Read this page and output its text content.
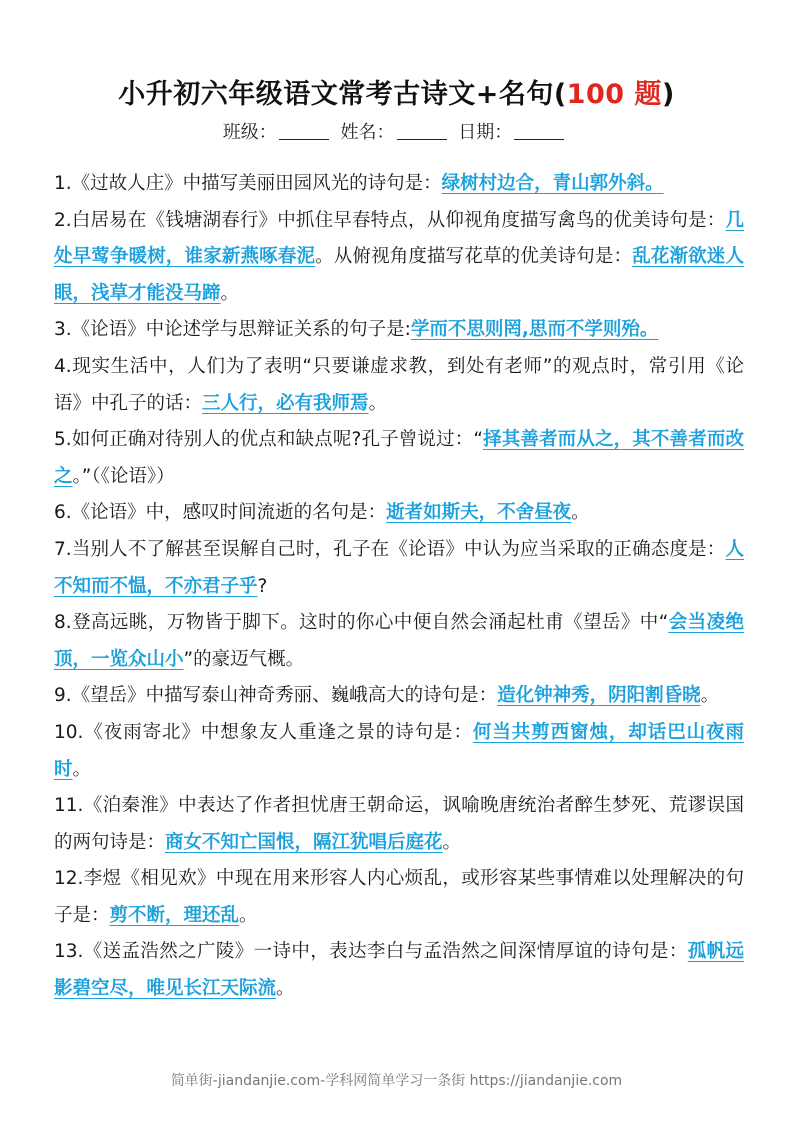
小升初六年级语文常考古诗文+名句(100 题)
班级：	姓名：	日期：

1.《过故人庄》中描写美丽田园风光的诗句是：绿树村边合，青山郭外斜。

2.白居易在《钱塘湖春行》中抓住早春特点，从仰视角度描写禽鸟的优美诗句是：几处早莺争暖树，谁家新燕啄春泥。从俯视角度描写花草的优美诗句是：乱花渐欲迷人眼，浅草才能没马蹄。

3.《论语》中论述学与思辩证关系的句子是:学而不思则罔,思而不学则殆。

4.现实生活中，人们为了表明“只要谦虚求教，到处有老师”的观点时，常引用《论语》中孔子的话：三人行，必有我师焉。

5.如何正确对待别人的优点和缺点呢?孔子曾说过：“择其善者而从之，其不善者而改之。”（《论语》）

6.《论语》中，感叹时间流逝的名句是：逝者如斯夫，不舍昼夜。

7.当别人不了解甚至误解自己时，孔子在《论语》中认为应当采取的正确态度是：人不知而不愠，不亦君子乎?

8.登高远眺，万物皆于脚下。这时的你心中便自然会涌起杜甫《望岳》中“会当凌绝顶，一览众山小”的豪迈气概。

9.《望岳》中描写泰山神奇秀丽、巍峨高大的诗句是：造化钟神秀，阴阳割昏晓。

10.《夜雨寄北》中想象友人重逢之景的诗句是：何当共剪西窗烛，却话巴山夜雨时。

11.《泊秦淮》中表达了作者担忧唐王朝命运，讽喻晚唐统治者醉生梦死、荒谬误国的两句诗是：商女不知亡国恨，隔江犹唱后庭花。

12.李煜《相见欢》中现在用来形容人内心烦乱，或形容某些事情难以处理解决的句子是：剪不断，理还乱。

13.《送孟浩然之广陵》一诗中，表达李白与孟浩然之间深情厚谊的诗句是：孤帆远影碧空尽，唯见长江天际流。

简单街-jiandanjie.com-学科网简单学习一条街 https://jiandanjie.com
